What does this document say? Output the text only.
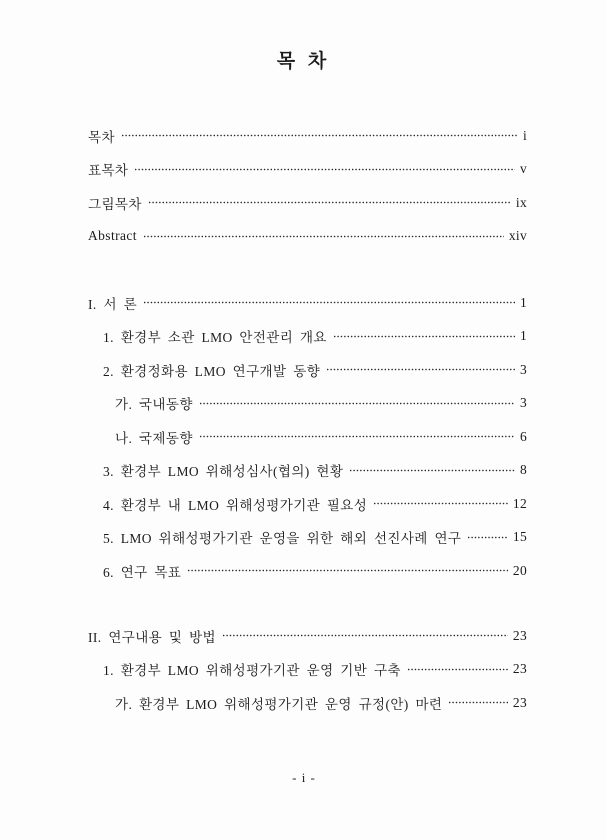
목 차
목차	i
표목차	v
그림목차	ix
Abstract	xiv
I. 서 론	1
1. 환경부 소관 LMO 안전관리 개요	1
2. 환경정화용 LMO 연구개발 동향	3
가. 국내동향	3
나. 국제동향	6
3. 환경부 LMO 위해성심사(협의) 현황	8
4. 환경부 내 LMO 위해성평가기관 필요성	12
5. LMO 위해성평가기관 운영을 위한 해외 선진사례 연구	15
6. 연구 목표	20
II. 연구내용 및 방법	23
1. 환경부 LMO 위해성평가기관 운영 기반 구축	23
가. 환경부 LMO 위해성평가기관 운영 규정(안) 마련	23
- i -
